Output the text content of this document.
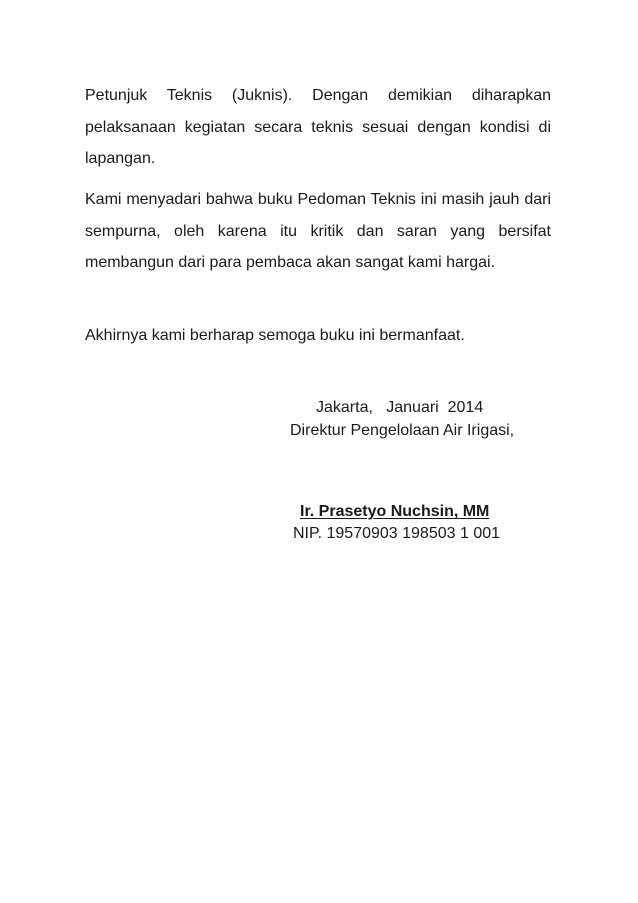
Petunjuk Teknis (Juknis). Dengan demikian diharapkan pelaksanaan kegiatan secara teknis sesuai dengan kondisi di lapangan.

Kami menyadari bahwa buku Pedoman Teknis ini masih jauh dari sempurna, oleh karena itu kritik dan saran yang bersifat membangun dari para pembaca akan sangat kami hargai.

Akhirnya kami berharap semoga buku ini bermanfaat.

Jakarta,   Januari  2014
Direktur Pengelolaan Air Irigasi,
Ir. Prasetyo Nuchsin, MM
NIP. 19570903 198503 1 001
